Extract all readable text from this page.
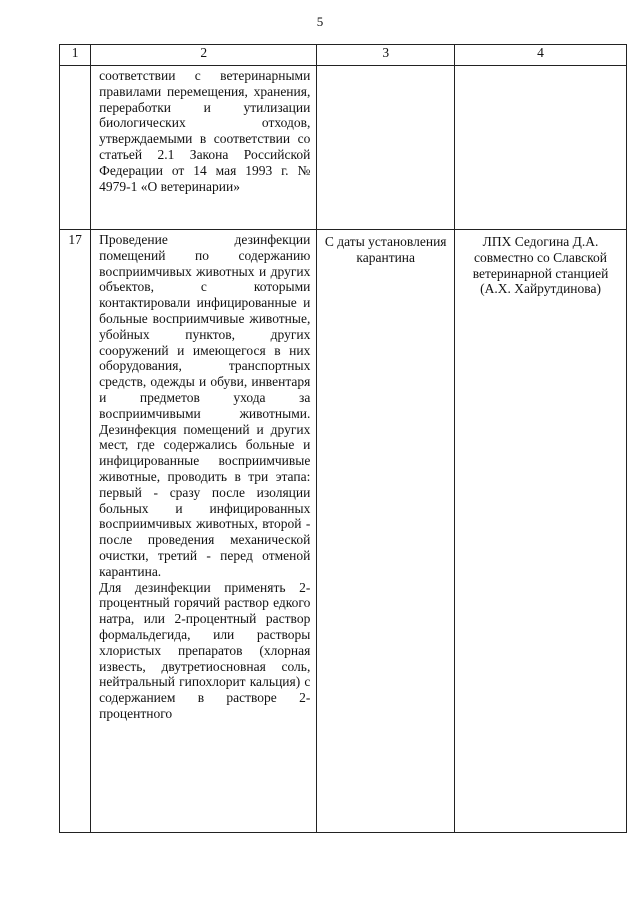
5
1	2	3	4

	соответствии с ветеринарными правилами перемещения, хранения, переработки и утилизации биологических отходов, утверждаемыми в соответствии со статьей 2.1 Закона Российской Федерации от 14 мая 1993 г. № 4979-1 «О ветеринарии»		

17	Проведение дезинфекции помещений по содержанию восприимчивых животных и других объектов, с которыми контактировали инфицированные и больные восприимчивые животные, убойных пунктов, других сооружений и имеющегося в них оборудования, транспортных средств, одежды и обуви, инвентаря и предметов ухода за восприимчивыми животными. Дезинфекция помещений и других мест, где содержались больные и инфицированные восприимчивые животные, проводить в три этапа: первый - сразу после изоляции больных и инфицированных восприимчивых животных, второй - после проведения механической очистки, третий - перед отменой карантина.

Для дезинфекции применять 2-процентный горячий раствор едкого натра, или 2-процентный раствор формальдегида, или растворы хлористых препаратов (хлорная известь, двутретиосновная соль, нейтральный гипохлорит кальция) с содержанием в растворе 2-процентного	С даты установления карантина	ЛПХ Седогина Д.А. совместно со Славской ветеринарной станцией (А.Х. Хайрутдинова)
